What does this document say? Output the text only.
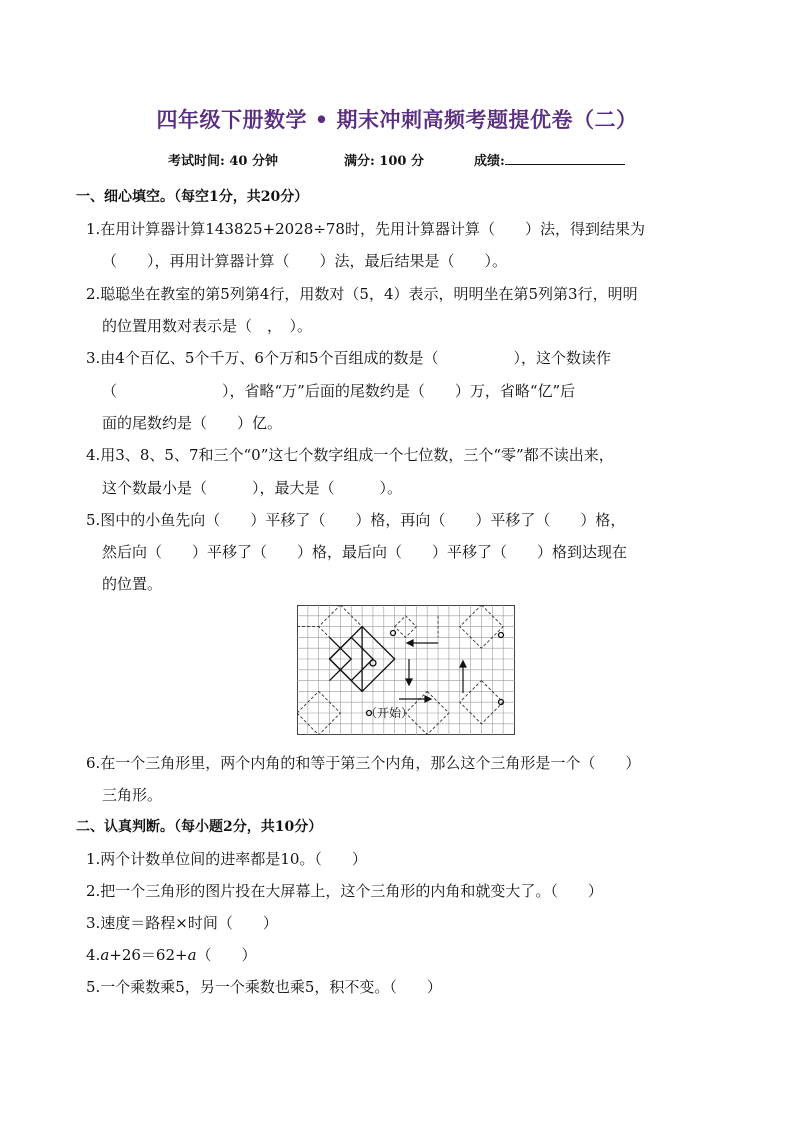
四年级下册数学 • 期末冲刺高频考题提优卷（二）
考试时间: 40 分钟	满分: 100 分	成绩:
一、细心填空。（每空1分，共20分）
1.在用计算器计算143825+2028÷78时，先用计算器计算（　　）法，得到结果为
（　　），再用计算器计算（　　）法，最后结果是（　　）。
2.聪聪坐在教室的第5列第4行，用数对（5，4）表示，明明坐在第5列第3行，明明
的位置用数对表示是（　，　）。
3.由4个百亿、5个千万、6个万和5个百组成的数是（　　　　　），这个数读作
（　　　　　　　），省略“万”后面的尾数约是（　　）万，省略“亿”后
面的尾数约是（　　）亿。
4.用3、8、5、7和三个“0”这七个数字组成一个七位数，三个“零”都不读出来，
这个数最小是（　　　），最大是（　　　）。
5.图中的小鱼先向（　　）平移了（　　）格，再向（　　）平移了（　　）格，
然后向（　　）平移了（　　）格，最后向（　　）平移了（　　）格到达现在
的位置。
（开始）
6.在一个三角形里，两个内角的和等于第三个内角，那么这个三角形是一个（　　）
三角形。
二、认真判断。（每小题2分，共10分）
1.两个计数单位间的进率都是10。（　　）
2.把一个三角形的图片投在大屏幕上，这个三角形的内角和就变大了。（　　）
3.速度＝路程×时间（　　）
4.a+26＝62+a（　　）
5.一个乘数乘5，另一个乘数也乘5，积不变。（　　）
